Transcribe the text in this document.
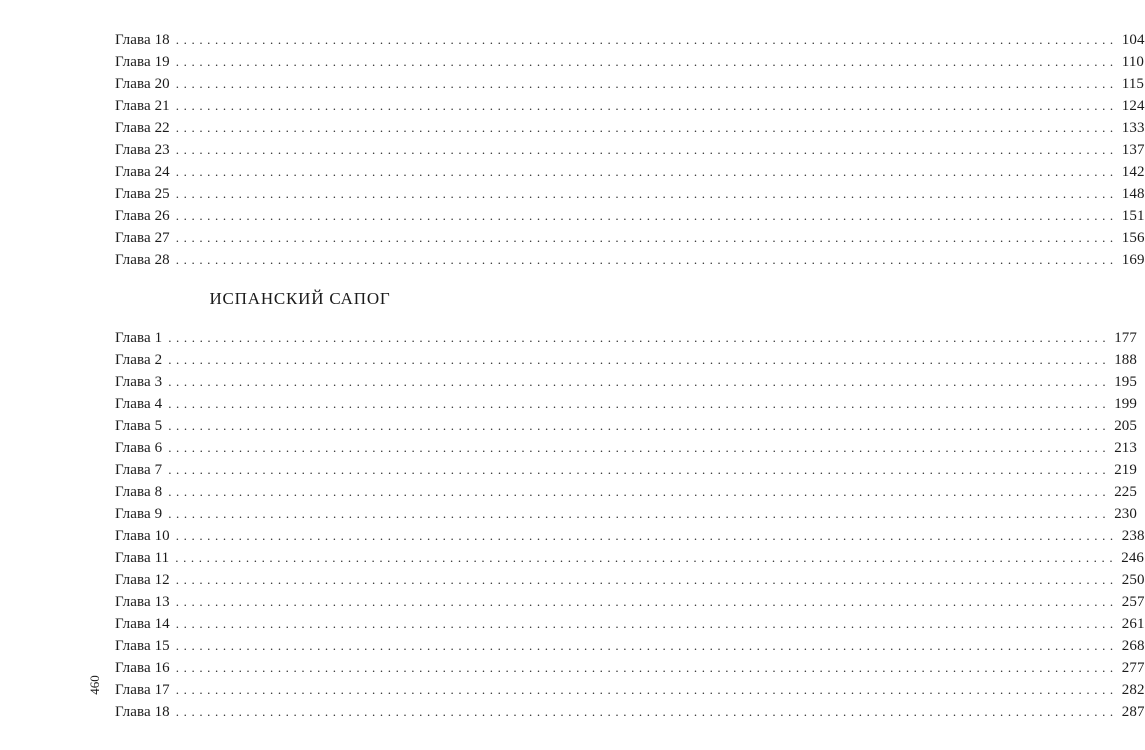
Глава 18 ........................................................................................................................ 104
Глава 19 ........................................................................................................................ 110
Глава 20 ........................................................................................................................ 115
Глава 21 ........................................................................................................................ 124
Глава 22 ........................................................................................................................ 133
Глава 23 ........................................................................................................................ 137
Глава 24 ........................................................................................................................ 142
Глава 25 ........................................................................................................................ 148
Глава 26 ........................................................................................................................ 151
Глава 27 ........................................................................................................................ 156
Глава 28 ........................................................................................................................ 169
ИСПАНСКИЙ САПОГ
Глава 1 ........................................................................................................................ 177
Глава 2 ........................................................................................................................ 188
Глава 3 ........................................................................................................................ 195
Глава 4 ........................................................................................................................ 199
Глава 5 ........................................................................................................................ 205
Глава 6 ........................................................................................................................ 213
Глава 7 ........................................................................................................................ 219
Глава 8 ........................................................................................................................ 225
Глава 9 ........................................................................................................................ 230
Глава 10 ........................................................................................................................ 238
Глава 11 ........................................................................................................................ 246
Глава 12 ........................................................................................................................ 250
Глава 13 ........................................................................................................................ 257
Глава 14 ........................................................................................................................ 261
Глава 15 ........................................................................................................................ 268
Глава 16 ........................................................................................................................ 277
Глава 17 ........................................................................................................................ 282
Глава 18 ........................................................................................................................ 287
460
